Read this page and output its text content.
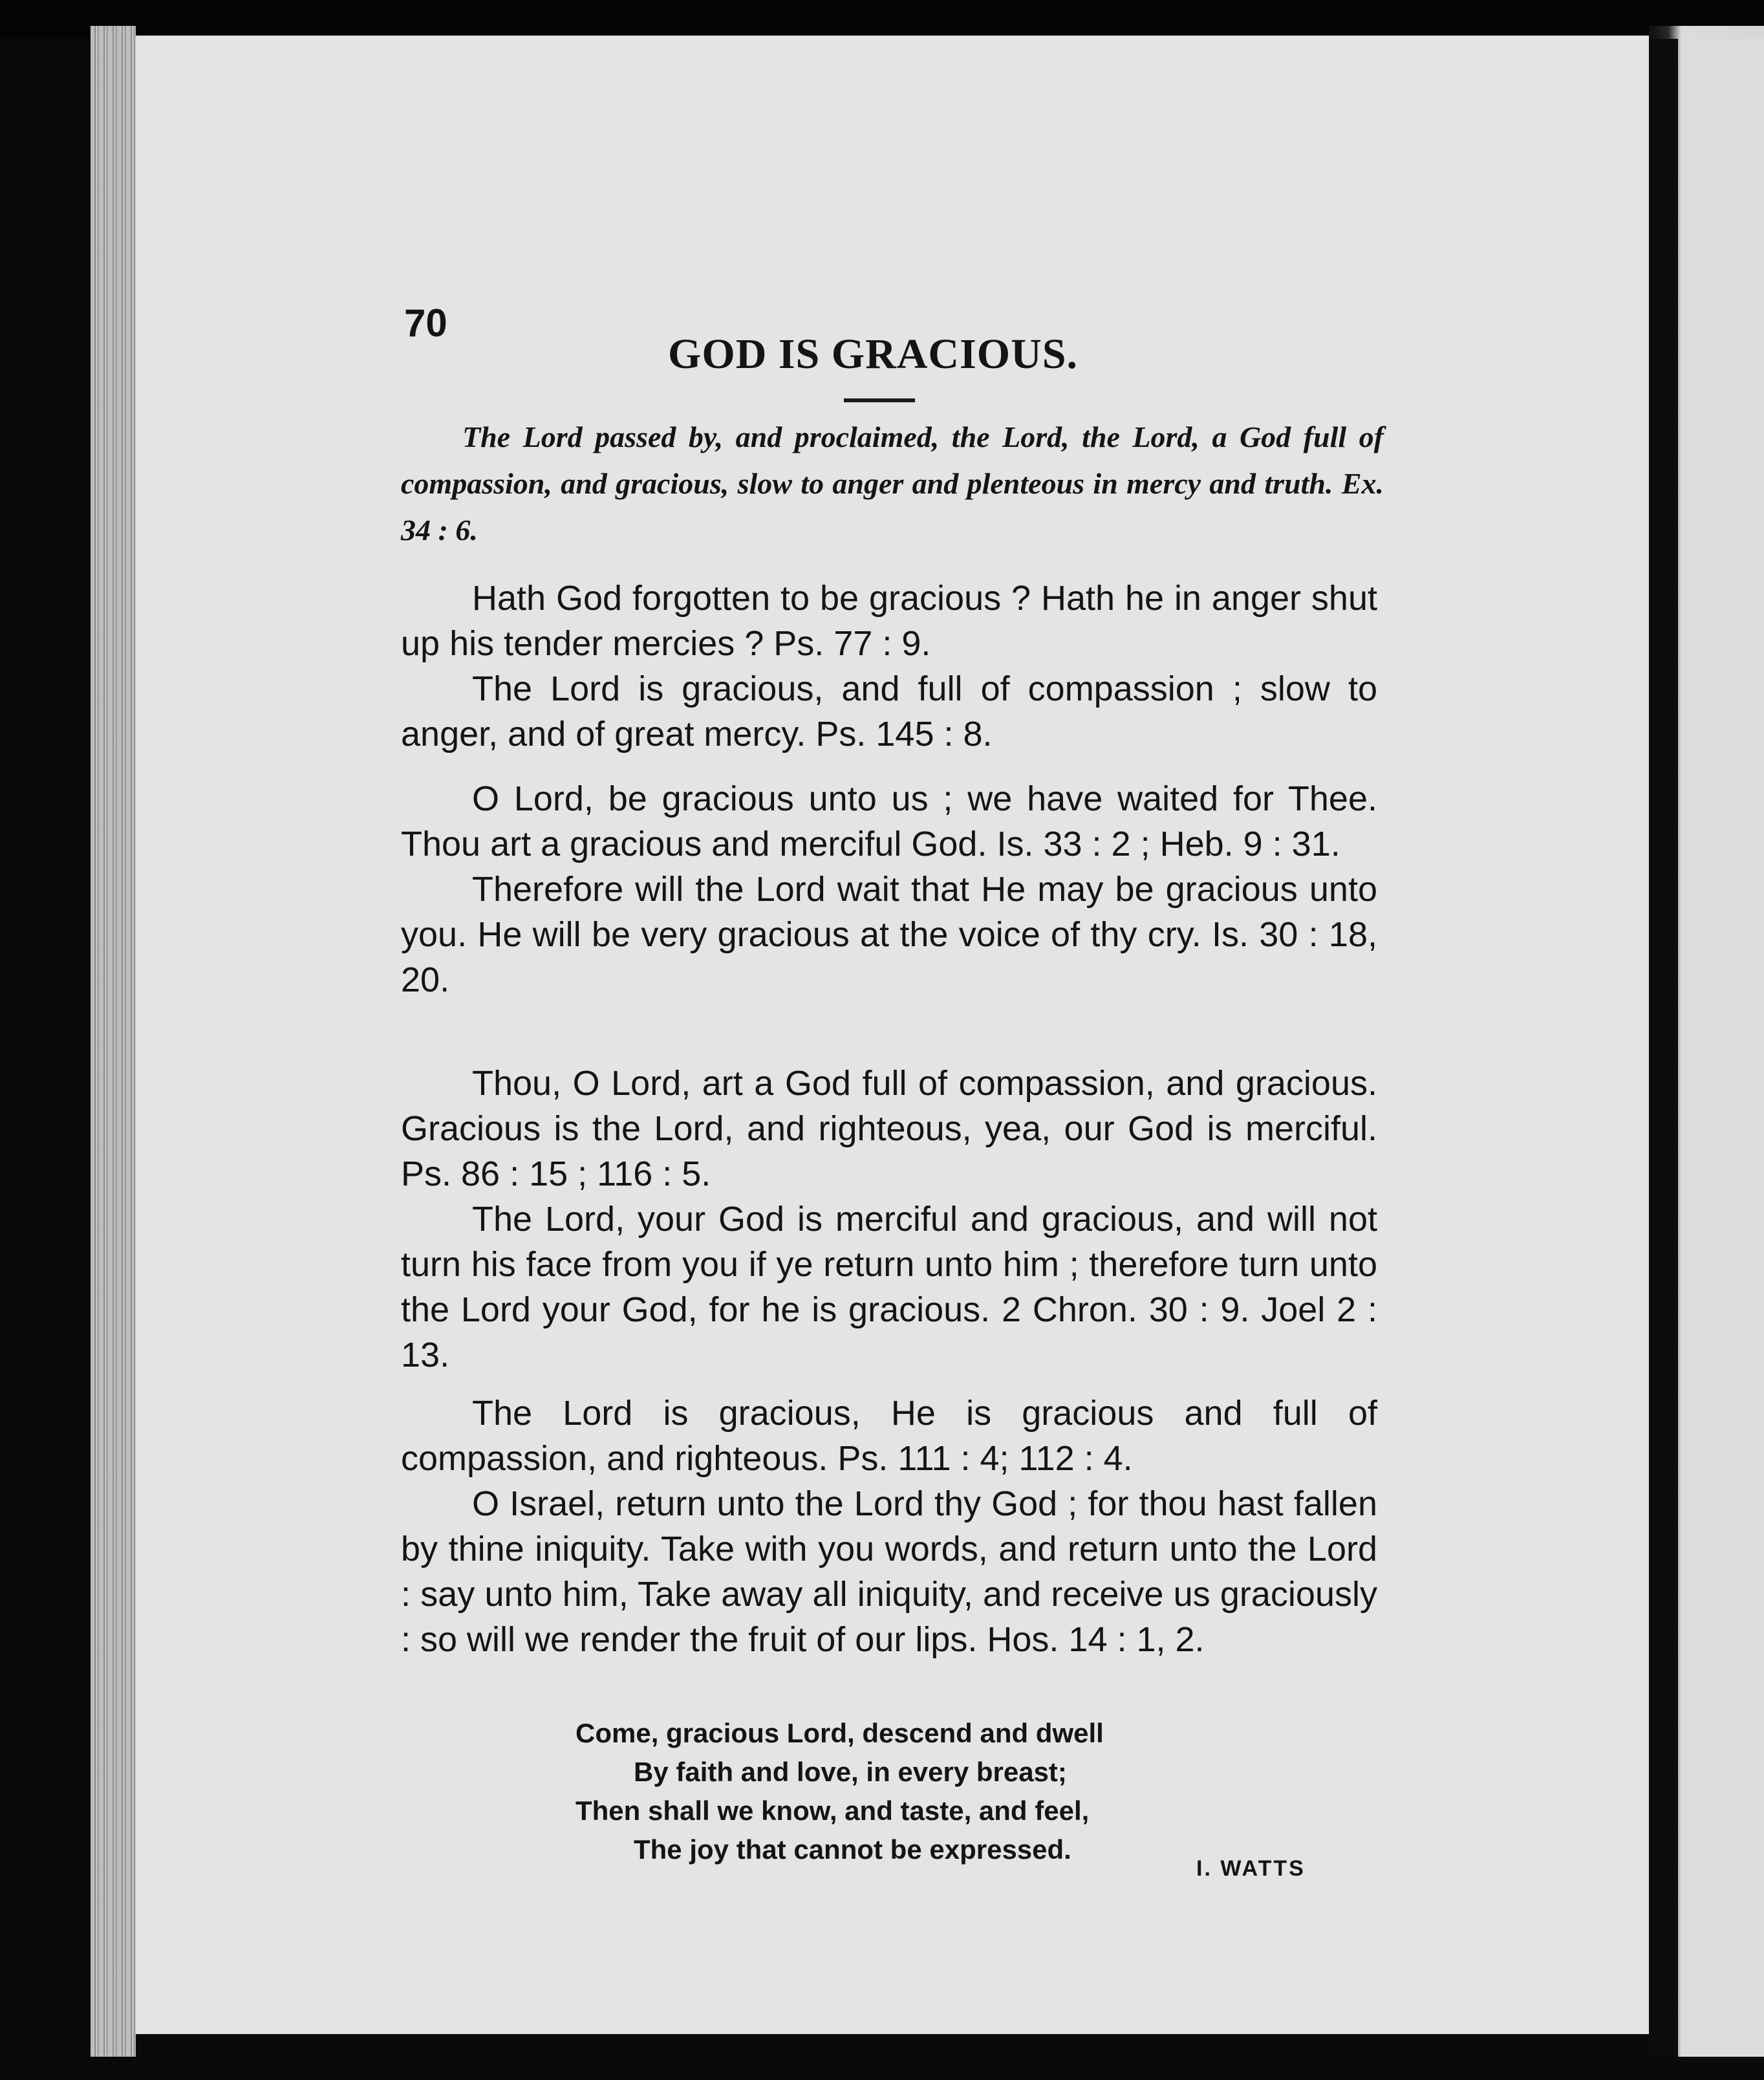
70

GOD IS GRACIOUS.

The Lord passed by, and proclaimed, the Lord, the Lord, a God full of compassion, and gracious, slow to anger and plenteous in mercy and truth. Ex. 34 : 6.

Hath God forgotten to be gracious ? Hath he in anger shut up his tender mercies ? Ps. 77 : 9.

The Lord is gracious, and full of compassion ; slow to anger, and of great mercy. Ps. 145 : 8.

O Lord, be gracious unto us ; we have waited for Thee. Thou art a gracious and merciful God. Is. 33 : 2 ; Heb. 9 : 31.

Therefore will the Lord wait that He may be gracious unto you. He will be very gracious at the voice of thy cry. Is. 30 : 18, 20.

Thou, O Lord, art a God full of compassion, and gracious. Gracious is the Lord, and righteous, yea, our God is merciful. Ps. 86 : 15 ; 116 : 5.

The Lord, your God is merciful and gracious, and will not turn his face from you if ye return unto him ; therefore turn unto the Lord your God, for he is gracious. 2 Chron. 30 : 9. Joel 2 : 13.

The Lord is gracious, He is gracious and full of compassion, and righteous. Ps. 111 : 4; 112 : 4.

O Israel, return unto the Lord thy God ; for thou hast fallen by thine iniquity. Take with you words, and return unto the Lord : say unto him, Take away all iniquity, and receive us graciously : so will we render the fruit of our lips. Hos. 14 : 1, 2.

Come, gracious Lord, descend and dwell

By faith and love, in every breast;

Then shall we know, and taste, and feel,

The joy that cannot be expressed.

I. WATTS
